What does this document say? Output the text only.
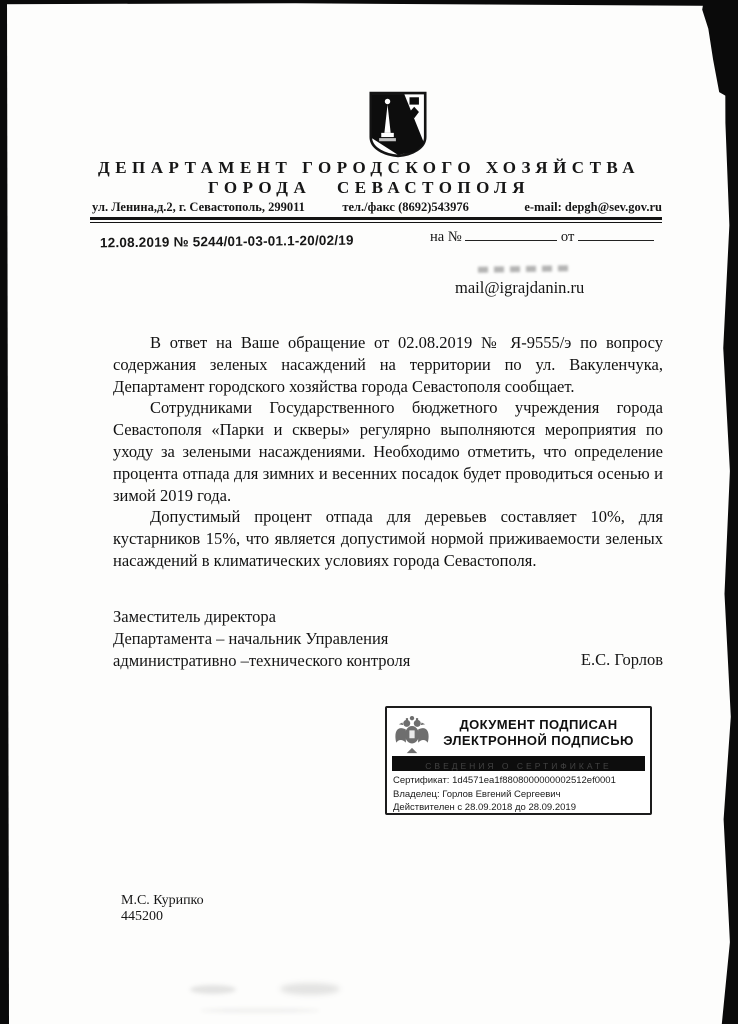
ДЕПАРТАМЕНТ ГОРОДСКОГО ХОЗЯЙСТВА
ГОРОДА СЕВАСТОПОЛЯ
ул. Ленина,д.2, г. Севастополь, 299011	тел./факс (8692)543976	e-mail: depgh@sev.gov.ru
12.08.2019 № 5244/01-03-01.1-20/02/19	на №	от
mail@igrajdanin.ru

В ответ на Ваше обращение от 02.08.2019 № Я-9555/э по вопросу содержания зеленых насаждений на территории по ул. Вакуленчука, Департамент городского хозяйства города Севастополя сообщает.

Сотрудниками Государственного бюджетного учреждения города Севастополя «Парки и скверы» регулярно выполняются мероприятия по уходу за зелеными насаждениями. Необходимо отметить, что определение процента отпада для зимних и весенних посадок будет проводиться осенью и зимой 2019 года.

Допустимый процент отпада для деревьев составляет 10%, для кустарников 15%, что является допустимой нормой приживаемости зеленых насаждений в климатических условиях города Севастополя.

Заместитель директора
Департамента – начальник Управления
административно –технического контроля	Е.С. Горлов
ДОКУМЕНТ ПОДПИСАН
ЭЛЕКТРОННОЙ ПОДПИСЬЮ
СВЕДЕНИЯ О СЕРТИФИКАТЕ
Сертификат: 1d4571ea1f8808000000002512ef0001
Владелец: Горлов Евгений Сергеевич
Действителен с 28.09.2018 до 28.09.2019
М.С. Курипко
445200
